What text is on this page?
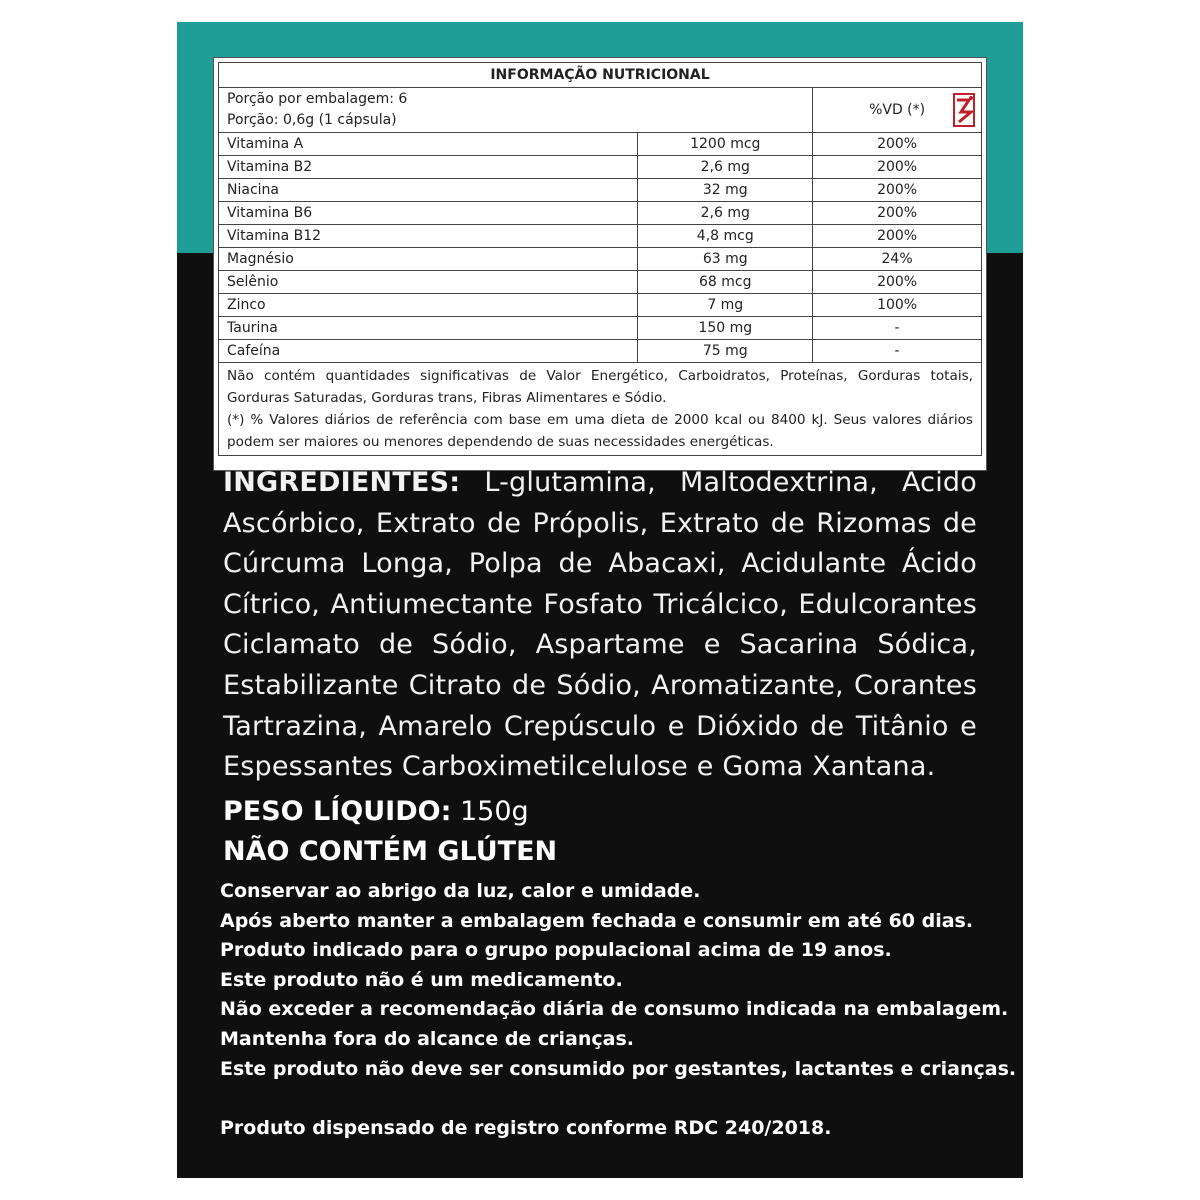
INFORMAÇÃO NUTRICIONAL		

Porção por embalagem: 6
Porção: 0,6g (1 cápsula)		%VD (*)

Vitamina A	1200 mcg	200%
Vitamina B2	2,6 mg	200%
Niacina	32 mg	200%
Vitamina B6	2,6 mg	200%
Vitamina B12	4,8 mcg	200%
Magnésio	63 mg	24%
Selênio	68 mcg	200%
Zinco	7 mg	100%
Taurina	150 mg	-
Cafeína	75 mg	-

Não contém quantidades significativas de Valor Energético, Carboidratos, Proteínas, Gorduras totais, Gorduras Saturadas, Gorduras trans, Fibras Alimentares e Sódio.
(*) % Valores diários de referência com base em uma dieta de 2000 kcal ou 8400 kJ. Seus valores diários podem ser maiores ou menores dependendo de suas necessidades energéticas.		
INGREDIENTES: L-glutamina, Maltodextrina, Ácido Ascórbico, Extrato de Própolis, Extrato de Rizomas de Cúrcuma Longa, Polpa de Abacaxi, Acidulante Ácido Cítrico, Antiumectante Fosfato Tricálcico, Edulcorantes Ciclamato de Sódio, Aspartame e Sacarina Sódica, Estabilizante Citrato de Sódio, Aromatizante, Corantes Tartrazina, Amarelo Crepúsculo e Dióxido de Titânio e Espessantes Carboximetilcelulose e Goma Xantana.
PESO LÍQUIDO: 150g
NÃO CONTÉM GLÚTEN
Conservar ao abrigo da luz, calor e umidade.
Após aberto manter a embalagem fechada e consumir em até 60 dias.
Produto indicado para o grupo populacional acima de 19 anos.
Este produto não é um medicamento.
Não exceder a recomendação diária de consumo indicada na embalagem.
Mantenha fora do alcance de crianças.
Este produto não deve ser consumido por gestantes, lactantes e crianças.
Produto dispensado de registro conforme RDC 240/2018.
